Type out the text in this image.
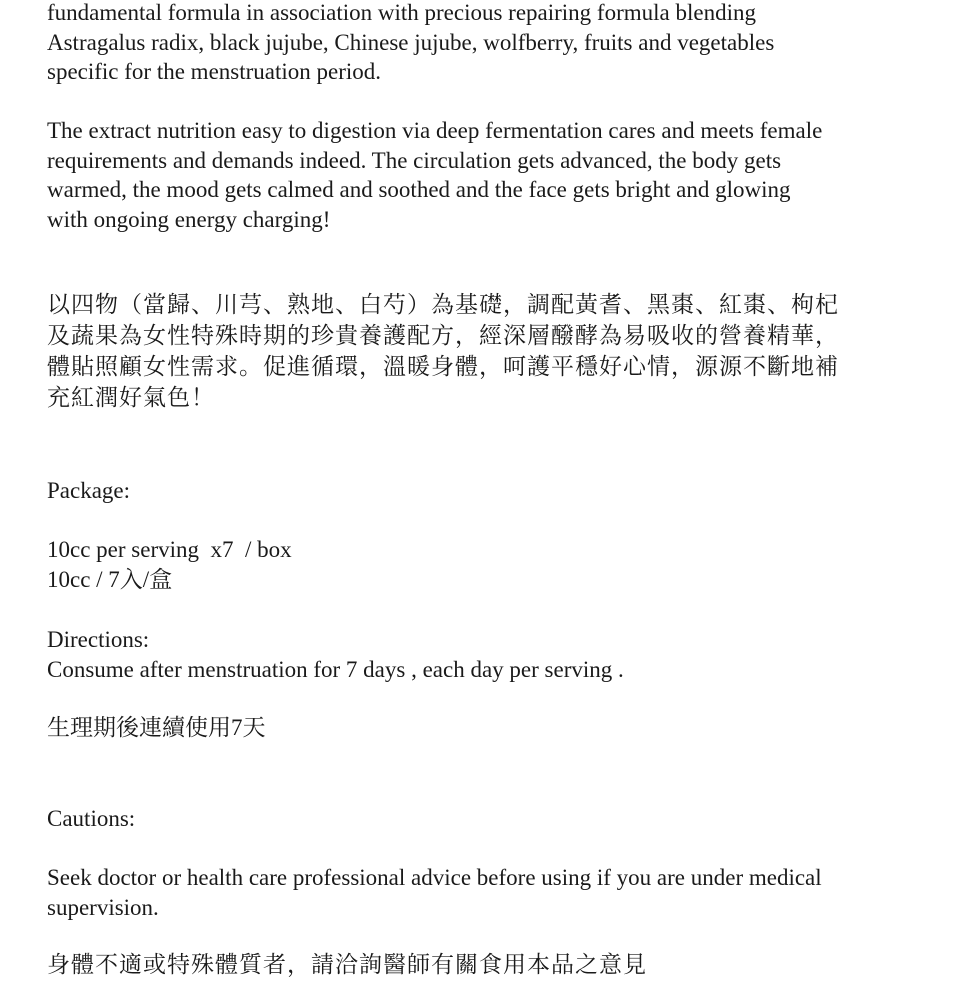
fundamental formula in association with precious repairing formula blending

Astragalus radix, black jujube, Chinese jujube, wolfberry, fruits and vegetables

specific for the menstruation period.

The extract nutrition easy to digestion via deep fermentation cares and meets female

requirements and demands indeed. The circulation gets advanced, the body gets

warmed, the mood gets calmed and soothed and the face gets bright and glowing

with ongoing energy charging!

以四物（當歸、川芎、熟地、白芍）為基礎，調配黃耆、黑棗、紅棗、枸杞

及蔬果為女性特殊時期的珍貴養護配方，經深層醱酵為易吸收的營養精華，

體貼照顧女性需求。促進循環，溫暖身體，呵護平穩好心情，源源不斷地補

充紅潤好氣色！

Package:

10cc per serving  x7  / box

10cc / 7入/盒

Directions:

Consume after menstruation for 7 days , each day per serving .

生理期後連續使用7天

Cautions:

Seek doctor or health care professional advice before using if you are under medical

supervision.

身體不適或特殊體質者，請洽詢醫師有關食用本品之意見
